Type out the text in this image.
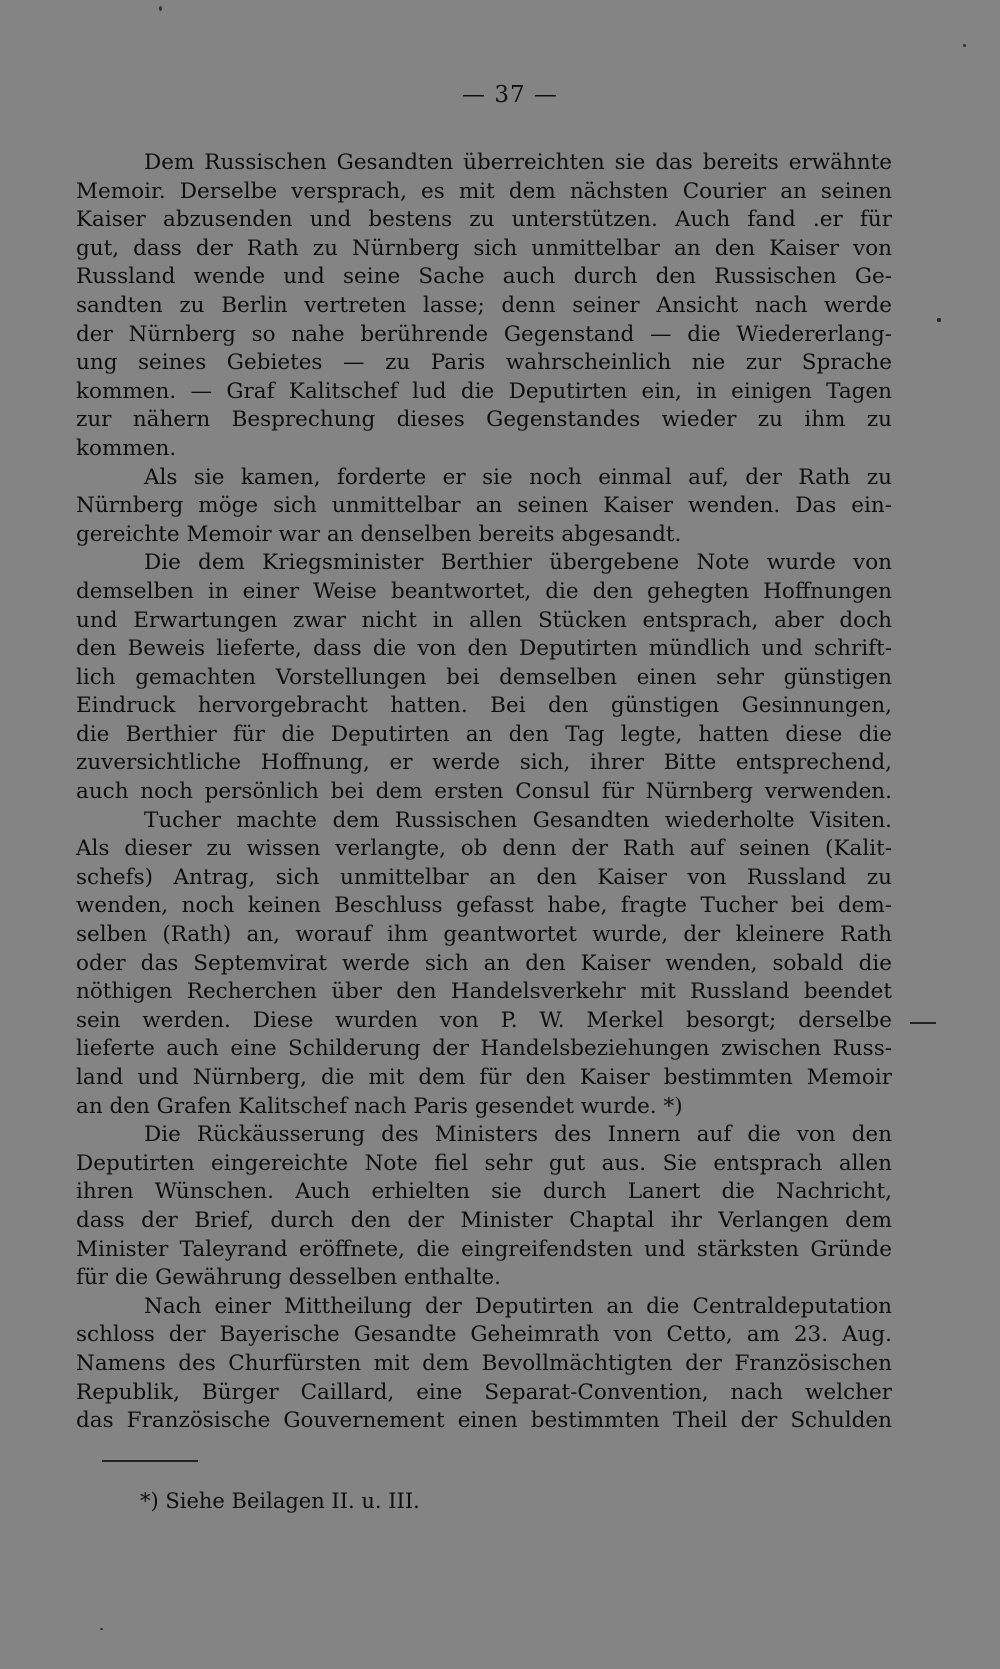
— 37 —
Dem Russischen Gesandten überreichten sie das bereits erwähnte
Memoir. Derselbe versprach, es mit dem nächsten Courier an seinen
Kaiser abzusenden und bestens zu unterstützen. Auch fand .er für
gut, dass der Rath zu Nürnberg sich unmittelbar an den Kaiser von
Russland wende und seine Sache auch durch den Russischen Ge-
sandten zu Berlin vertreten lasse; denn seiner Ansicht nach werde
der Nürnberg so nahe berührende Gegenstand — die Wiedererlang-
ung seines Gebietes — zu Paris wahrscheinlich nie zur Sprache
kommen. — Graf Kalitschef lud die Deputirten ein, in einigen Tagen
zur nähern Besprechung dieses Gegenstandes wieder zu ihm zu
kommen.
Als sie kamen, forderte er sie noch einmal auf, der Rath zu
Nürnberg möge sich unmittelbar an seinen Kaiser wenden. Das ein-
gereichte Memoir war an denselben bereits abgesandt.
Die dem Kriegsminister Berthier übergebene Note wurde von
demselben in einer Weise beantwortet, die den gehegten Hoffnungen
und Erwartungen zwar nicht in allen Stücken entsprach, aber doch
den Beweis lieferte, dass die von den Deputirten mündlich und schrift-
lich gemachten Vorstellungen bei demselben einen sehr günstigen
Eindruck hervorgebracht hatten. Bei den günstigen Gesinnungen,
die Berthier für die Deputirten an den Tag legte, hatten diese die
zuversichtliche Hoffnung, er werde sich, ihrer Bitte entsprechend,
auch noch persönlich bei dem ersten Consul für Nürnberg verwenden.
Tucher machte dem Russischen Gesandten wiederholte Visiten.
Als dieser zu wissen verlangte, ob denn der Rath auf seinen (Kalit-
schefs) Antrag, sich unmittelbar an den Kaiser von Russland zu
wenden, noch keinen Beschluss gefasst habe, fragte Tucher bei dem-
selben (Rath) an, worauf ihm geantwortet wurde, der kleinere Rath
oder das Septemvirat werde sich an den Kaiser wenden, sobald die
nöthigen Recherchen über den Handelsverkehr mit Russland beendet
sein werden. Diese wurden von P. W. Merkel besorgt; derselbe
lieferte auch eine Schilderung der Handelsbeziehungen zwischen Russ-
land und Nürnberg, die mit dem für den Kaiser bestimmten Memoir
an den Grafen Kalitschef nach Paris gesendet wurde. *)
Die Rückäusserung des Ministers des Innern auf die von den
Deputirten eingereichte Note fiel sehr gut aus. Sie entsprach allen
ihren Wünschen. Auch erhielten sie durch Lanert die Nachricht,
dass der Brief, durch den der Minister Chaptal ihr Verlangen dem
Minister Taleyrand eröffnete, die eingreifendsten und stärksten Gründe
für die Gewährung desselben enthalte.
Nach einer Mittheilung der Deputirten an die Centraldeputation
schloss der Bayerische Gesandte Geheimrath von Cetto, am 23. Aug.
Namens des Churfürsten mit dem Bevollmächtigten der Französischen
Republik, Bürger Caillard, eine Separat-Convention, nach welcher
das Französische Gouvernement einen bestimmten Theil der Schulden
*) Siehe Beilagen II. u. III.
